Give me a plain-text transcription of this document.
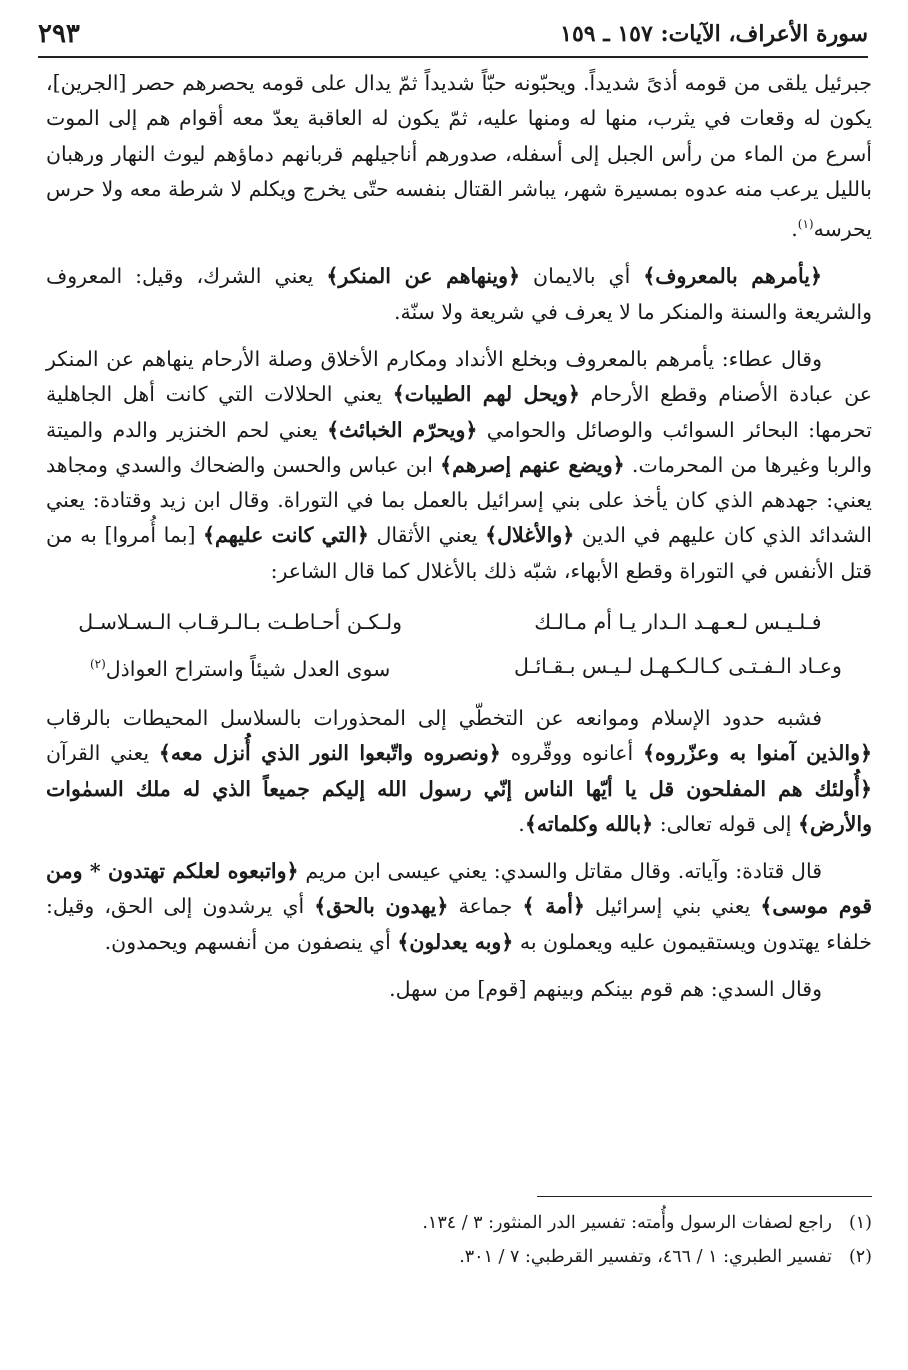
٢٩٣	سورة الأعراف، الآيات: ١٥٧ ـ ١٥٩

جبرئيل يلقى من قومه أذىً شديداً. ويحبّونه حبّاً شديداً ثمّ يدال على قومه يحصرهم حصر [الجرين]، يكون له وقعات في يثرب، منها له ومنها عليه، ثمّ يكون له العاقبة يعدّ معه أقوام هم إلى الموت أسرع من الماء من رأس الجبل إلى أسفله، صدورهم أناجيلهم قربانهم دماؤهم ليوث النهار ورهبان بالليل يرعب منه عدوه بمسيرة شهر، يباشر القتال بنفسه حتّى يخرج ويكلم لا شرطة معه ولا حرس يحرسه$^{(١)}$.

﴿يأمرهم بالمعروف﴾ أي بالايمان ﴿وينهاهم عن المنكر﴾ يعني الشرك، وقيل: المعروف والشريعة والسنة والمنكر ما لا يعرف في شريعة ولا سنّة.

وقال عطاء: يأمرهم بالمعروف وبخلع الأنداد ومكارم الأخلاق وصلة الأرحام ينهاهم عن المنكر عن عبادة الأصنام وقطع الأرحام ﴿ويحل لهم الطيبات﴾ يعني الحلالات التي كانت أهل الجاهلية تحرمها: البحائر السوائب والوصائل والحوامي ﴿ويحرّم الخبائث﴾ يعني لحم الخنزير والدم والميتة والربا وغيرها من المحرمات. ﴿ويضع عنهم إصرهم﴾ ابن عباس والحسن والضحاك والسدي ومجاهد يعني: جهدهم الذي كان يأخذ على بني إسرائيل بالعمل بما في التوراة. وقال ابن زيد وقتادة: يعني الشدائد الذي كان عليهم في الدين ﴿والأغلال﴾ يعني الأثقال ﴿التي كانت عليهم﴾ [بما أُمروا] به من قتل الأنفس في التوراة وقطع الأبهاء، شبّه ذلك بالأغلال كما قال الشاعر:

فـلـيـس لـعـهـد الـدار يـا أم مـالـك
ولـكـن أحـاطـت بـالـرقـاب الـسـلاسـل
وعـاد الـفـتـى كـالـكـهـل لـيـس بـقـائـل
سوى العدل شيئاً واستراح العواذل$^{(٢)}$

فشبه حدود الإسلام وموانعه عن التخطّي إلى المحذورات بالسلاسل المحيطات بالرقاب ﴿والذين آمنوا به وعزّروه﴾ أعانوه ووقّروه ﴿ونصروه واتّبعوا النور الذي أُنزل معه﴾ يعني القرآن ﴿أُولئك هم المفلحون قل يا أيّها الناس إنّي رسول الله إليكم جميعاً الذي له ملك السمٰوات والأرض﴾ إلى قوله تعالى: ﴿بالله وكلماته﴾.

قال قتادة: وآياته. وقال مقاتل والسدي: يعني عيسى ابن مريم ﴿واتبعوه لعلكم تهتدون * ومن قوم موسى﴾ يعني بني إسرائيل ﴿أمة ﴾ جماعة ﴿يهدون بالحق﴾ أي يرشدون إلى الحق، وقيل: خلفاء يهتدون ويستقيمون عليه ويعملون به ﴿وبه يعدلون﴾ أي ينصفون من أنفسهم ويحمدون.

وقال السدي: هم قوم بينكم وبينهم [قوم] من سهل.

(١)
راجع لصفات الرسول وأُمته: تفسير الدر المنثور: ٣ / ١٣٤.
(٢)
تفسير الطبري: ١ / ٤٦٦، وتفسير القرطبي: ٧ / ٣٠١.
